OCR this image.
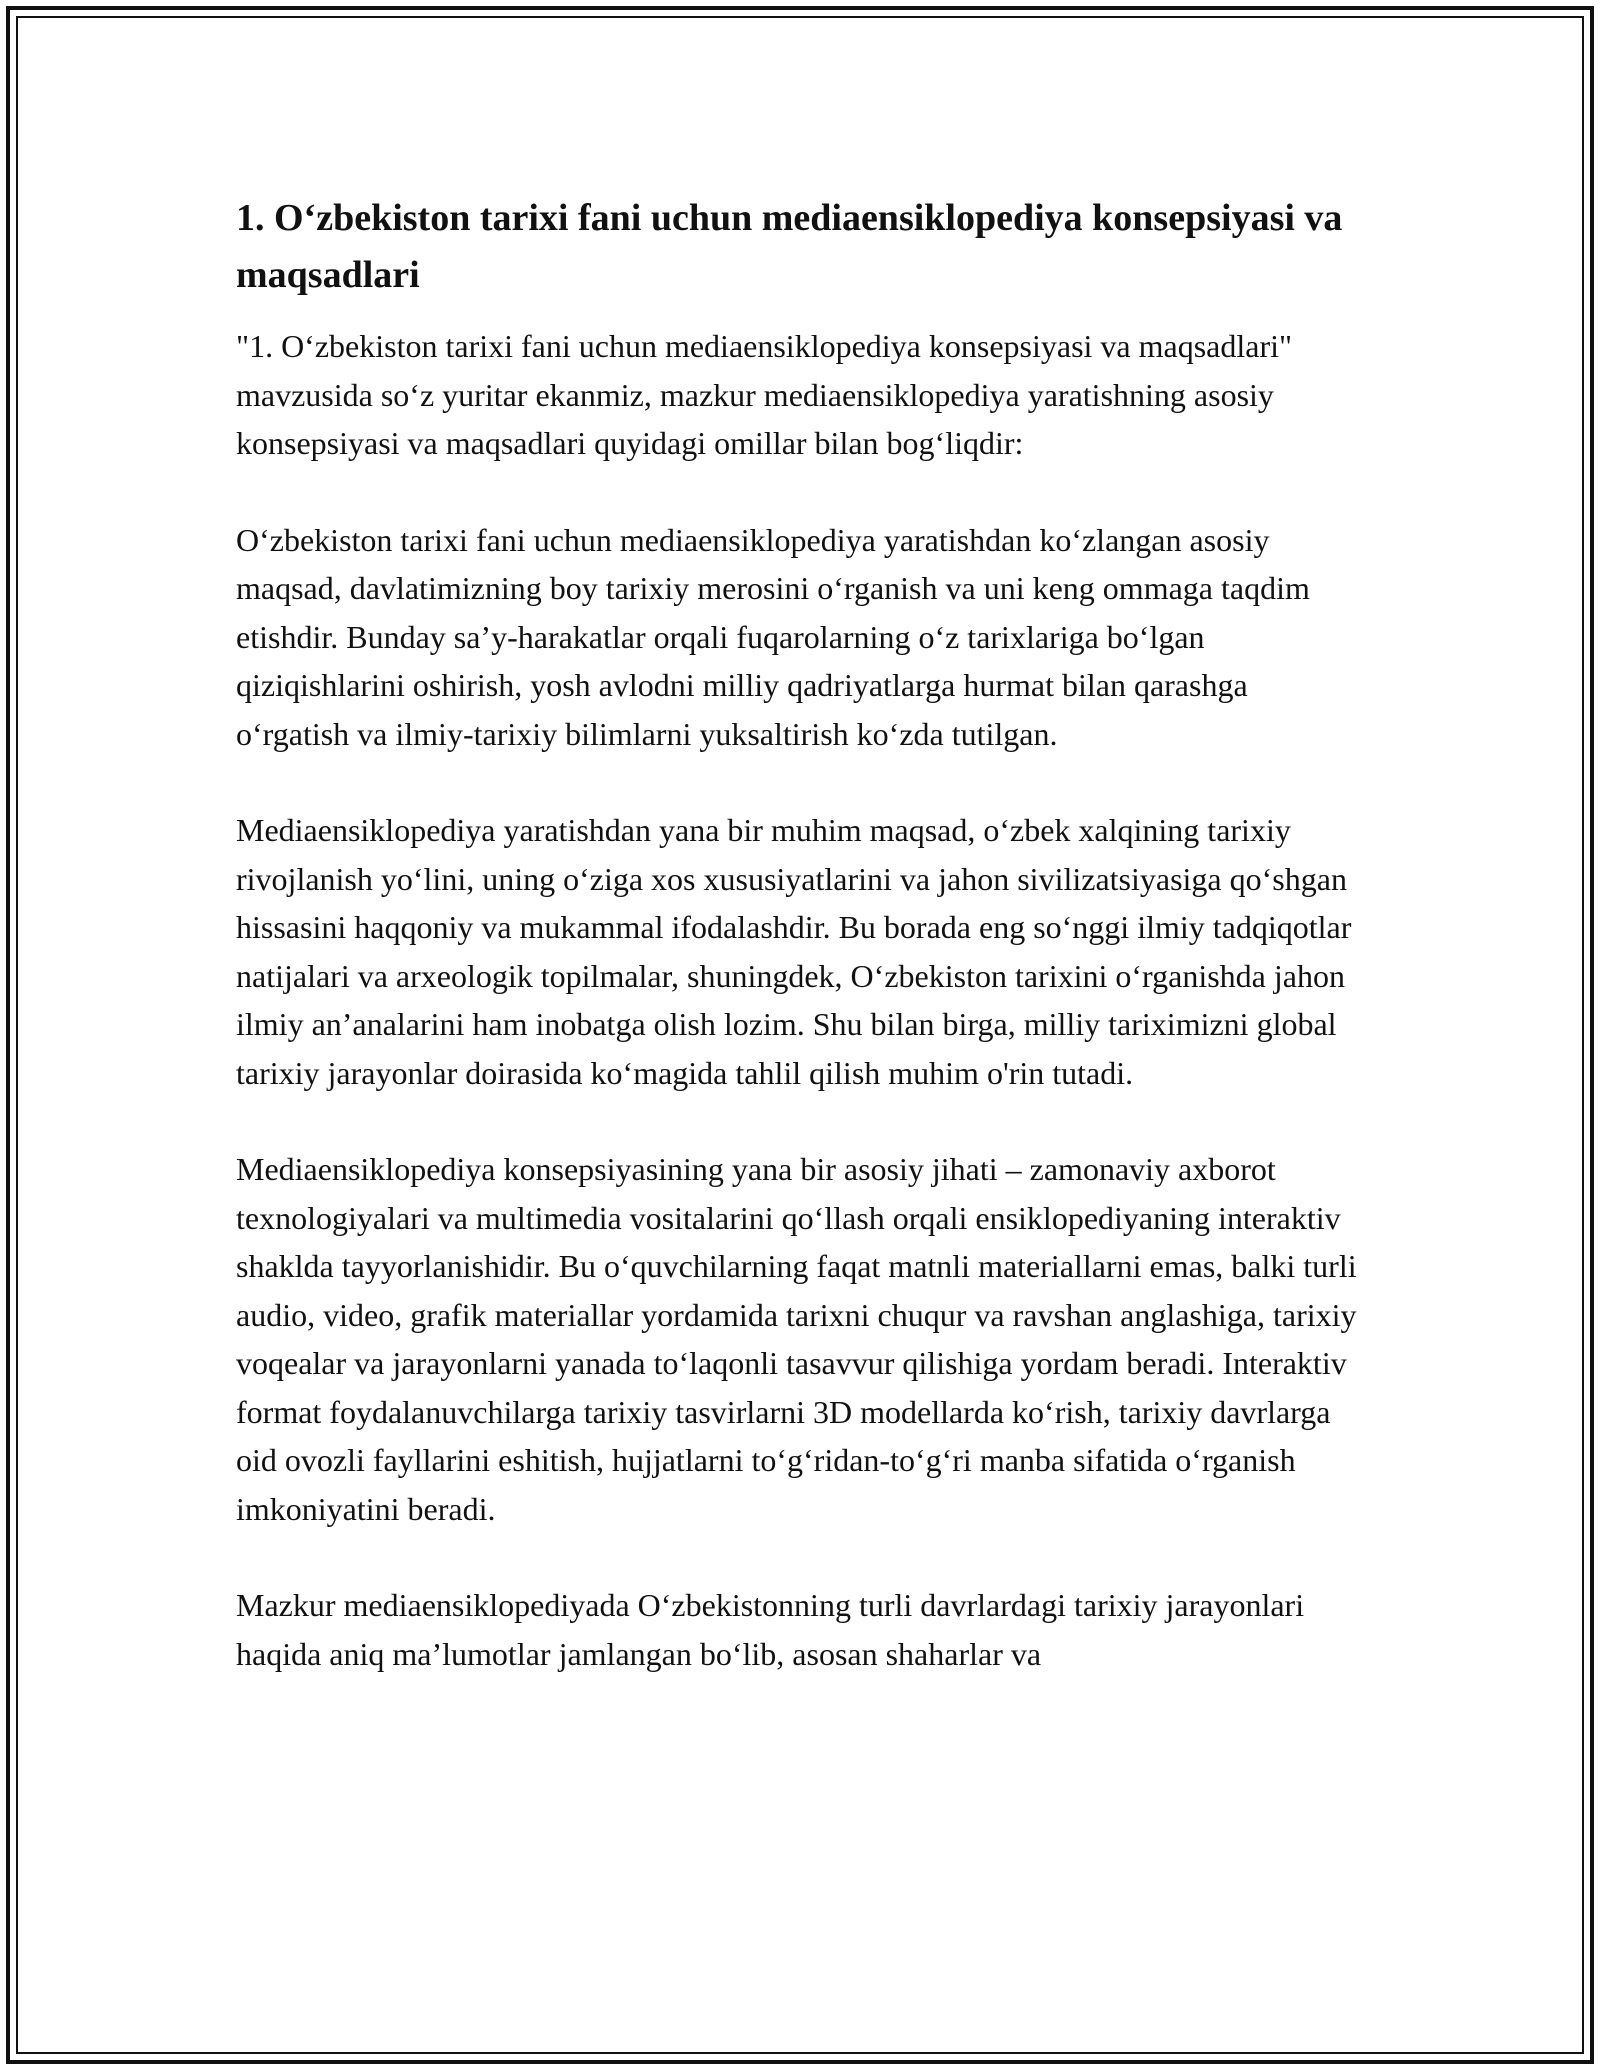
1. Oʻzbekiston tarixi fani uchun mediaensiklopediya konsepsiyasi va maqsadlari

"1. Oʻzbekiston tarixi fani uchun mediaensiklopediya konsepsiyasi va maqsadlari" mavzusida soʻz yuritar ekanmiz, mazkur mediaensiklopediya yaratishning asosiy konsepsiyasi va maqsadlari quyidagi omillar bilan bogʻliqdir:

Oʻzbekiston tarixi fani uchun mediaensiklopediya yaratishdan koʻzlangan asosiy maqsad, davlatimizning boy tarixiy merosini oʻrganish va uni keng ommaga taqdim etishdir. Bunday saʼy-harakatlar orqali fuqarolarning oʻz tarixlariga boʻlgan qiziqishlarini oshirish, yosh avlodni milliy qadriyatlarga hurmat bilan qarashga oʻrgatish va ilmiy-tarixiy bilimlarni yuksaltirish koʻzda tutilgan.

Mediaensiklopediya yaratishdan yana bir muhim maqsad, oʻzbek xalqining tarixiy rivojlanish yoʻlini, uning oʻziga xos xususiyatlarini va jahon sivilizatsiyasiga qoʻshgan hissasini haqqoniy va mukammal ifodalashdir. Bu borada eng soʻnggi ilmiy tadqiqotlar natijalari va arxeologik topilmalar, shuningdek, Oʻzbekiston tarixini oʻrganishda jahon ilmiy anʼanalarini ham inobatga olish lozim. Shu bilan birga, milliy tariximizni global tarixiy jarayonlar doirasida koʻmagida tahlil qilish muhim o'rin tutadi.

Mediaensiklopediya konsepsiyasining yana bir asosiy jihati – zamonaviy axborot texnologiyalari va multimedia vositalarini qoʻllash orqali ensiklopediyaning interaktiv shaklda tayyorlanishidir. Bu oʻquvchilarning faqat matnli materiallarni emas, balki turli audio, video, grafik materiallar yordamida tarixni chuqur va ravshan anglashiga, tarixiy voqealar va jarayonlarni yanada toʻlaqonli tasavvur qilishiga yordam beradi. Interaktiv format foydalanuvchilarga tarixiy tasvirlarni 3D modellarda koʻrish, tarixiy davrlarga oid ovozli fayllarini eshitish, hujjatlarni toʻgʻridan-toʻgʻri manba sifatida oʻrganish imkoniyatini beradi.

Mazkur mediaensiklopediyada Oʻzbekistonning turli davrlardagi tarixiy jarayonlari haqida aniq maʼlumotlar jamlangan boʻlib, asosan shaharlar va
